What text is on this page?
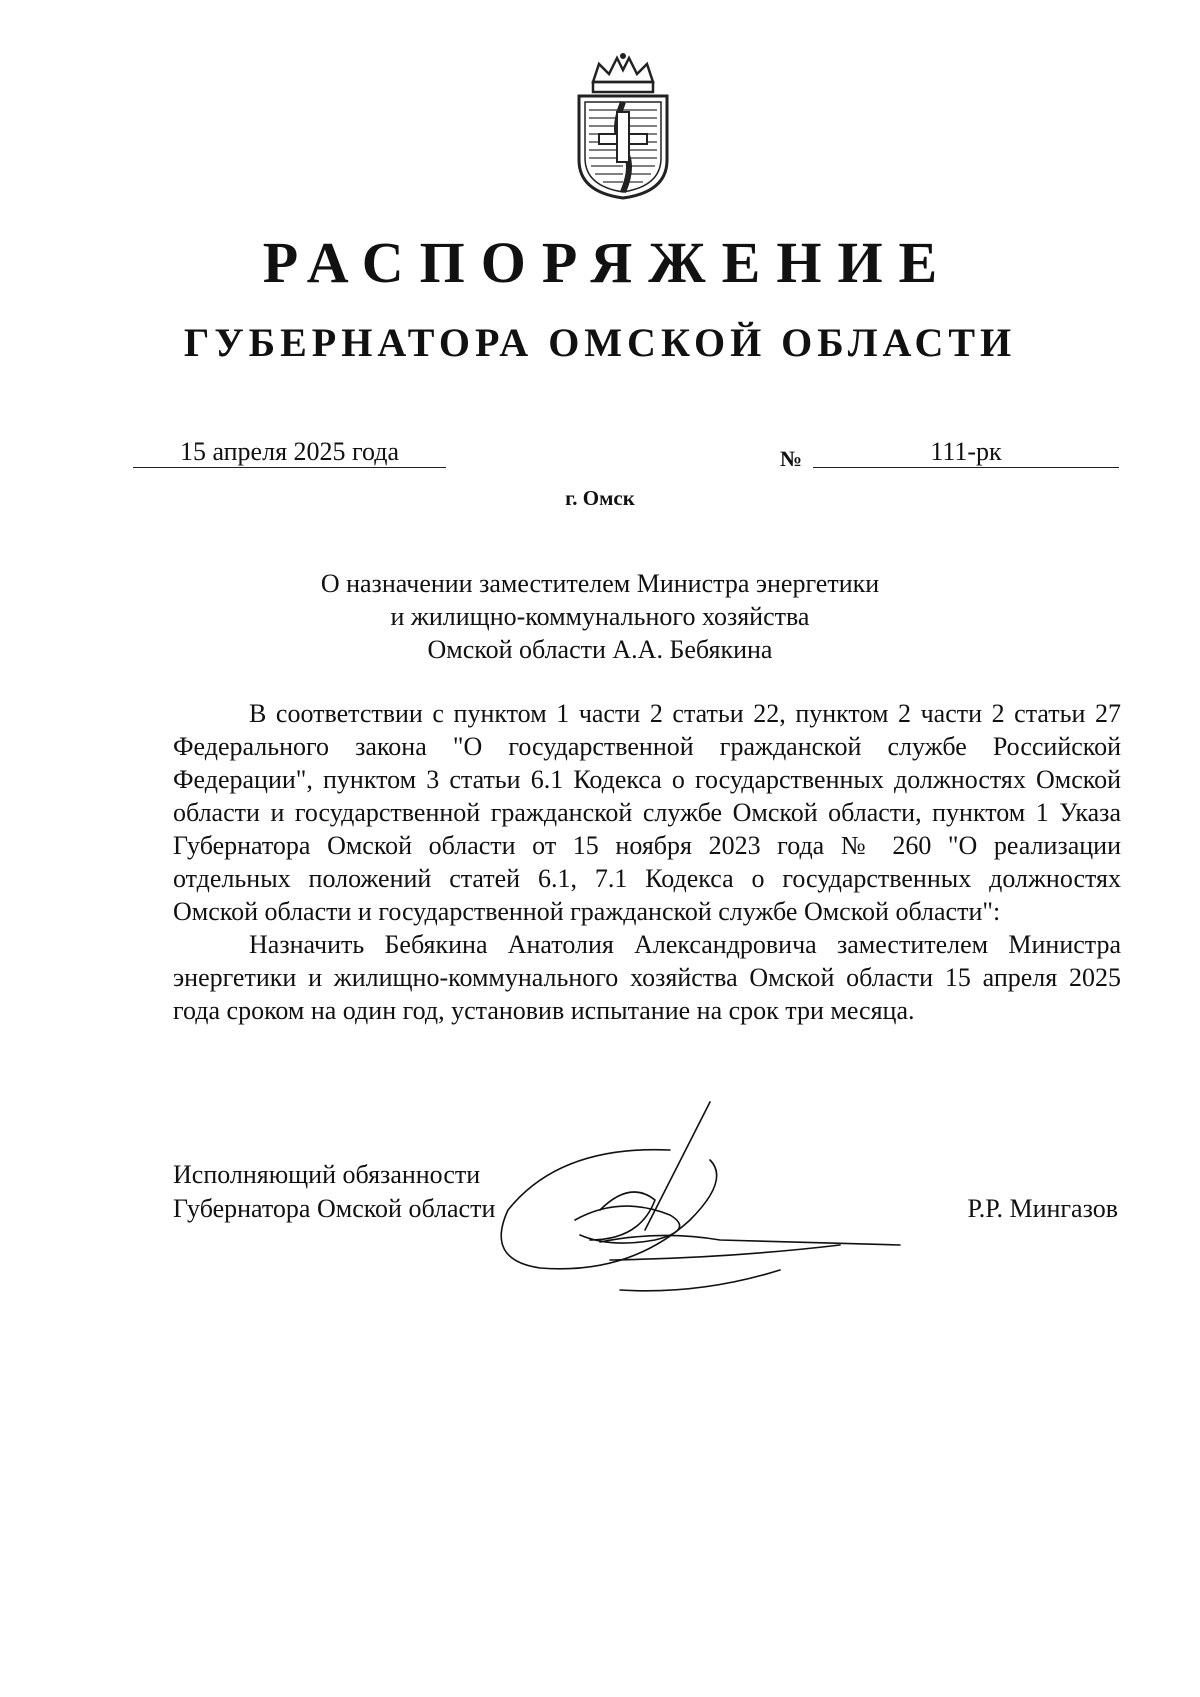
РАСПОРЯЖЕНИЕ
ГУБЕРНАТОРА ОМСКОЙ ОБЛАСТИ
15 апреля 2025 года	№	111-рк
г. Омск
О назначении заместителем Министра энергетики
и жилищно-коммунального хозяйства
Омской области А.А. Бебякина

В соответствии с пунктом 1 части 2 статьи 22, пунктом 2 части 2 статьи 27 Федерального закона "О государственной гражданской службе Российской Федерации", пунктом 3 статьи 6.1 Кодекса о государственных должностях Омской области и государственной гражданской службе Омской области, пунктом 1 Указа Губернатора Омской области от 15 ноября 2023 года № 260 "О реализации отдельных положений статей 6.1, 7.1 Кодекса о государственных должностях Омской области и государственной гражданской службе Омской области":

Назначить Бебякина Анатолия Александровича заместителем Министра энергетики и жилищно-коммунального хозяйства Омской области 15 апреля 2025 года сроком на один год, установив испытание на срок три месяца.

Исполняющий обязанности
Губернатора Омской области	Р.Р. Мингазов
